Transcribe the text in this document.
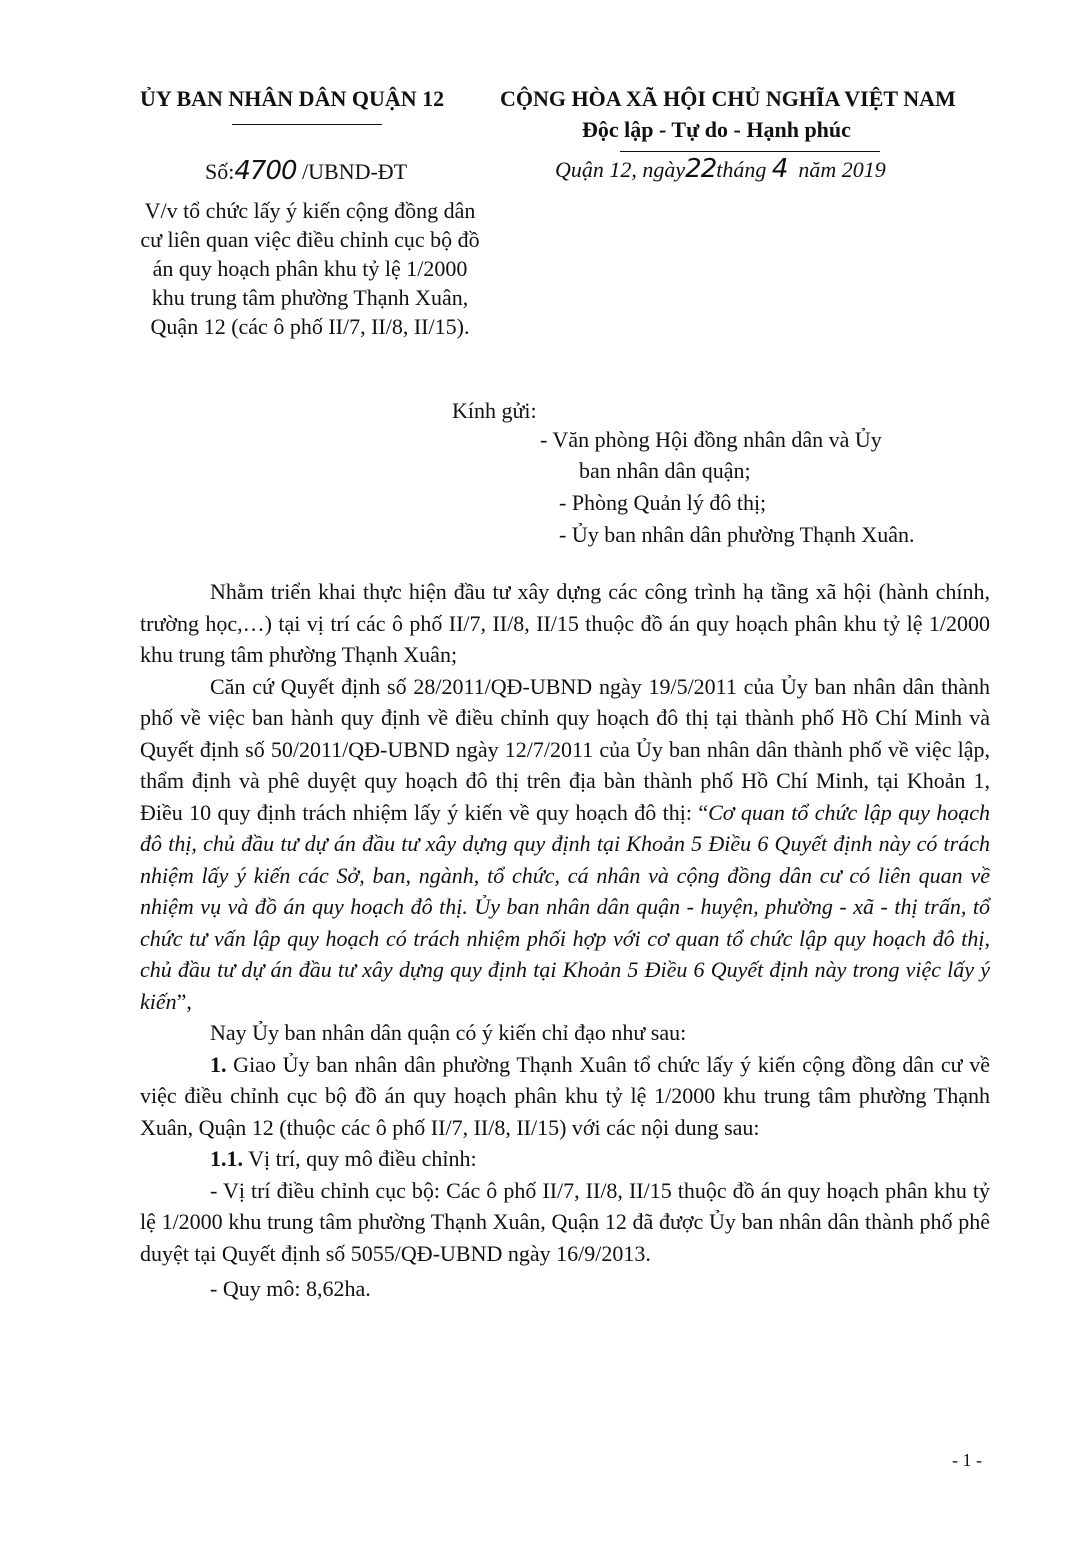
ỦY BAN NHÂN DÂN QUẬN 12	CỘNG HÒA XÃ HỘI CHỦ NGHĨA VIỆT NAM
Độc lập - Tự do - Hạnh phúc
Số:4700 /UBND-ĐT	Quận 12, ngày22tháng 4 năm 2019
V/v tổ chức lấy ý kiến cộng đồng dân
cư liên quan việc điều chỉnh cục bộ đồ
án quy hoạch phân khu tỷ lệ 1/2000
khu trung tâm phường Thạnh Xuân,
Quận 12 (các ô phố II/7, II/8, II/15).
Kính gửi:
- Văn phòng Hội đồng nhân dân và Ủy
ban nhân dân quận;
- Phòng Quản lý đô thị;
- Ủy ban nhân dân phường Thạnh Xuân.

Nhằm triển khai thực hiện đầu tư xây dựng các công trình hạ tầng xã hội (hành chính, trường học,…) tại vị trí các ô phố II/7, II/8, II/15 thuộc đồ án quy hoạch phân khu tỷ lệ 1/2000 khu trung tâm phường Thạnh Xuân;

Căn cứ Quyết định số 28/2011/QĐ-UBND ngày 19/5/2011 của Ủy ban nhân dân thành phố về việc ban hành quy định về điều chỉnh quy hoạch đô thị tại thành phố Hồ Chí Minh và Quyết định số 50/2011/QĐ-UBND ngày 12/7/2011 của Ủy ban nhân dân thành phố về việc lập, thẩm định và phê duyệt quy hoạch đô thị trên địa bàn thành phố Hồ Chí Minh, tại Khoản 1, Điều 10 quy định trách nhiệm lấy ý kiến về quy hoạch đô thị: “Cơ quan tổ chức lập quy hoạch đô thị, chủ đầu tư dự án đầu tư xây dựng quy định tại Khoản 5 Điều 6 Quyết định này có trách nhiệm lấy ý kiến các Sở, ban, ngành, tổ chức, cá nhân và cộng đồng dân cư có liên quan về nhiệm vụ và đồ án quy hoạch đô thị. Ủy ban nhân dân quận - huyện, phường - xã - thị trấn, tổ chức tư vấn lập quy hoạch có trách nhiệm phối hợp với cơ quan tổ chức lập quy hoạch đô thị, chủ đầu tư dự án đầu tư xây dựng quy định tại Khoản 5 Điều 6 Quyết định này trong việc lấy ý kiến”,

Nay Ủy ban nhân dân quận có ý kiến chỉ đạo như sau:

1. Giao Ủy ban nhân dân phường Thạnh Xuân tổ chức lấy ý kiến cộng đồng dân cư về việc điều chỉnh cục bộ đồ án quy hoạch phân khu tỷ lệ 1/2000 khu trung tâm phường Thạnh Xuân, Quận 12 (thuộc các ô phố II/7, II/8, II/15) với các nội dung sau:

1.1. Vị trí, quy mô điều chỉnh:

- Vị trí điều chỉnh cục bộ: Các ô phố II/7, II/8, II/15 thuộc đồ án quy hoạch phân khu tỷ lệ 1/2000 khu trung tâm phường Thạnh Xuân, Quận 12 đã được Ủy ban nhân dân thành phố phê duyệt tại Quyết định số 5055/QĐ-UBND ngày 16/9/2013.

- Quy mô: 8,62ha.

- 1 -
